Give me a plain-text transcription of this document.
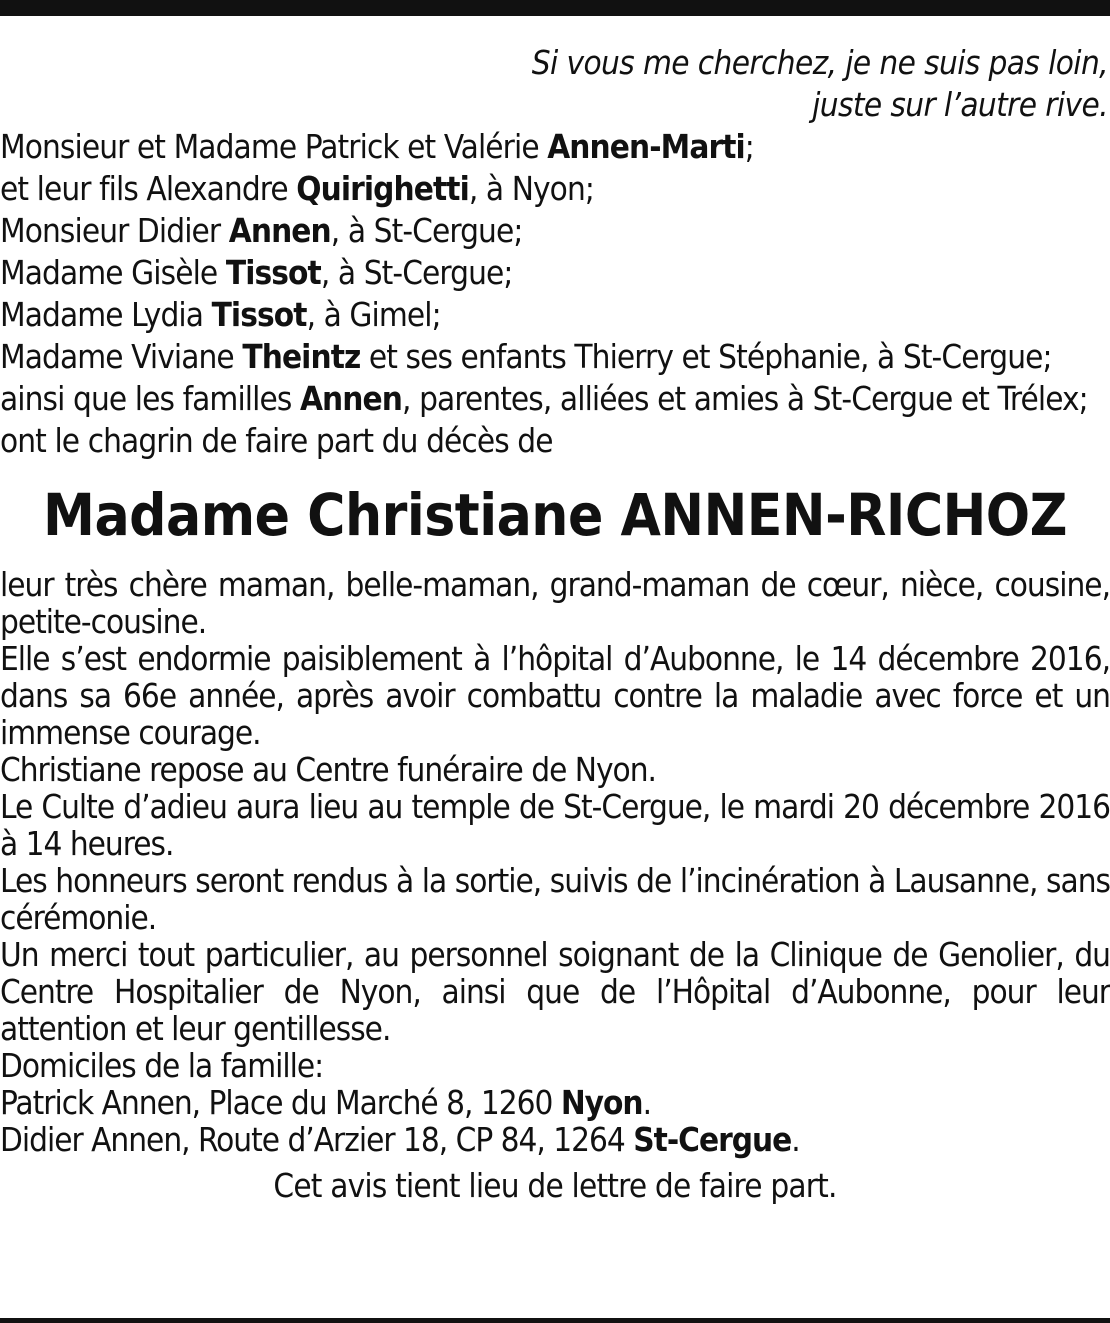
Si vous me cherchez, je ne suis pas loin,

juste sur l’autre rive.

Monsieur et Madame Patrick et Valérie Annen-Marti;

et leur fils Alexandre Quirighetti, à Nyon;

Monsieur Didier Annen, à St-Cergue;

Madame Gisèle Tissot, à St-Cergue;

Madame Lydia Tissot, à Gimel;

Madame Viviane Theintz et ses enfants Thierry et Stéphanie, à St-Cergue;

ainsi que les familles Annen, parentes, alliées et amies à St-Cergue et Trélex;

ont le chagrin de faire part du décès de

Madame Christiane ANNEN-RICHOZ

leur très chère maman, belle-maman, grand-maman de cœur, nièce, cousine, petite-cousine.

Elle s’est endormie paisiblement à l’hôpital d’Aubonne, le 14 décembre 2016, dans sa 66e année, après avoir combattu contre la maladie avec force et un immense courage.

Christiane repose au Centre funéraire de Nyon.

Le Culte d’adieu aura lieu au temple de St-Cergue, le mardi 20 décembre 2016 à 14 heures.

Les honneurs seront rendus à la sortie, suivis de l’incinération à Lausanne, sans cérémonie.

Un merci tout particulier, au personnel soignant de la Clinique de Genolier, du Centre Hospitalier de Nyon, ainsi que de l’Hôpital d’Aubonne, pour leur attention et leur gentillesse.

Domiciles de la famille:

Patrick Annen, Place du Marché 8, 1260 Nyon.

Didier Annen, Route d’Arzier 18, CP 84, 1264 St-Cergue.

Cet avis tient lieu de lettre de faire part.
